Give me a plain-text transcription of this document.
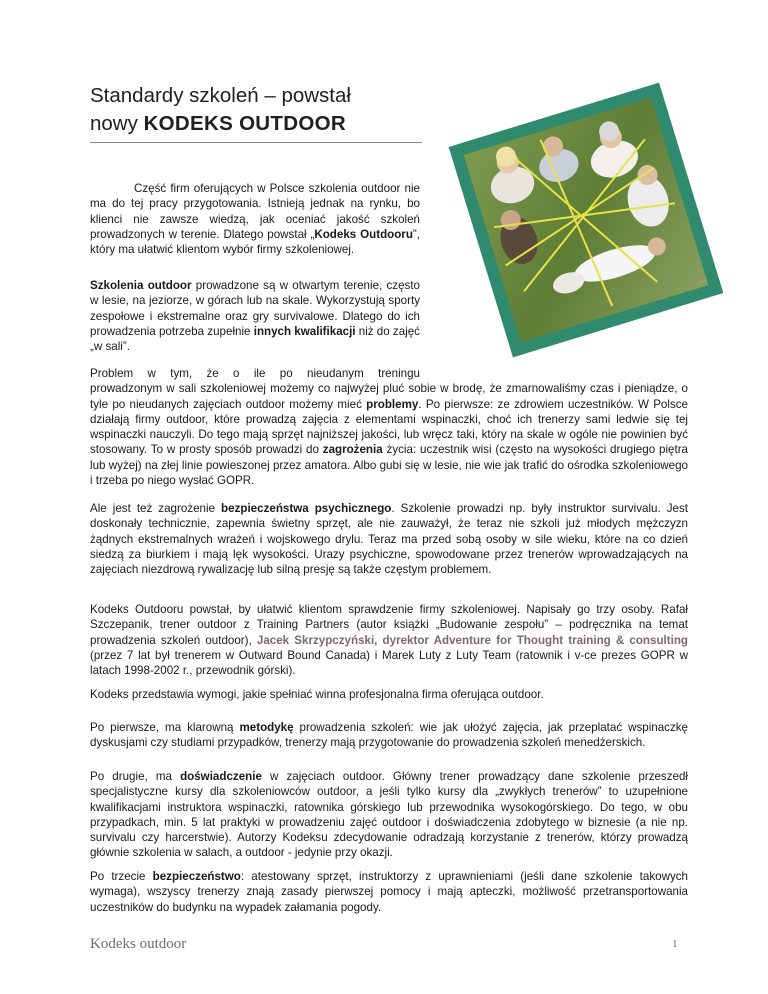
Standardy szkoleń – powstał
nowy KODEKS OUTDOOR

Część firm oferujących w Polsce szkolenia outdoor nie ma do tej pracy przygotowania. Istnieją jednak na rynku, bo klienci nie zawsze wiedzą, jak oceniać jakość szkoleń prowadzonych w terenie. Dlatego powstał „Kodeks Outdooru”, który ma ułatwić klientom wybór firmy szkoleniowej.

Szkolenia outdoor prowadzone są w otwartym terenie, często w lesie, na jeziorze, w górach lub na skale. Wykorzystują sporty zespołowe i ekstremalne oraz gry survivalowe. Dlatego do ich prowadzenia potrzeba zupełnie innych kwalifikacji niż do zajęć „w sali”.

Problem w tym, że o ile po nieudanym treningu
prowadzonym w sali szkoleniowej możemy co najwyżej pluć sobie w brodę, że zmarnowaliśmy czas i pieniądze, o tyle po nieudanych zajęciach outdoor możemy mieć problemy. Po pierwsze: ze zdrowiem uczestników. W Polsce działają firmy outdoor, które prowadzą zajęcia z elementami wspinaczki, choć ich trenerzy sami ledwie się tej wspinaczki nauczyli. Do tego mają sprzęt najniższej jakości, lub wręcz taki, który na skale w ogóle nie powinien być stosowany. To w prosty sposób prowadzi do zagrożenia życia: uczestnik wisi (często na wysokości drugiego piętra lub wyżej) na złej linie powieszonej przez amatora. Albo gubi się w lesie, nie wie jak trafić do ośrodka szkoleniowego i trzeba po niego wysłać GOPR.

Ale jest też zagrożenie bezpieczeństwa psychicznego. Szkolenie prowadzi np. były instruktor survivalu. Jest doskonały technicznie, zapewnia świetny sprzęt, ale nie zauważył, że teraz nie szkoli już młodych mężczyzn żądnych ekstremalnych wrażeń i wojskowego drylu. Teraz ma przed sobą osoby w sile wieku, które na co dzień siedzą za biurkiem i mają lęk wysokości. Urazy psychiczne, spowodowane przez trenerów wprowadzających na zajęciach niezdrową rywalizację lub silną presję są także częstym problemem.

Kodeks Outdooru powstał, by ułatwić klientom sprawdzenie firmy szkoleniowej. Napisały go trzy osoby. Rafał Szczepanik, trener outdoor z Training Partners (autor książki „Budowanie zespołu” – podręcznika na temat prowadzenia szkoleń outdoor), Jacek Skrzypczyński, dyrektor Adventure for Thought training & consulting (przez 7 lat był trenerem w Outward Bound Canada) i Marek Luty z Luty Team (ratownik i v-ce prezes GOPR w latach 1998-2002 r., przewodnik górski).

Kodeks przedstawia wymogi, jakie spełniać winna profesjonalna firma oferująca outdoor.

Po pierwsze, ma klarowną metodykę prowadzenia szkoleń: wie jak ułożyć zajęcia, jak przeplatać wspinaczkę dyskusjami czy studiami przypadków, trenerzy mają przygotowanie do prowadzenia szkoleń menedżerskich.

Po drugie, ma doświadczenie w zajęciach outdoor. Główny trener prowadzący dane szkolenie przeszedł specjalistyczne kursy dla szkoleniowców outdoor, a jeśli tylko kursy dla „zwykłych trenerów” to uzupełnione kwalifikacjami instruktora wspinaczki, ratownika górskiego lub przewodnika wysokogórskiego. Do tego, w obu przypadkach, min. 5 lat praktyki w prowadzeniu zajęć outdoor i doświadczenia zdobytego w biznesie (a nie np. survivalu czy harcerstwie). Autorzy Kodeksu zdecydowanie odradzają korzystanie z trenerów, którzy prowadzą głównie szkolenia w salach, a outdoor - jedynie przy okazji.

Po trzecie bezpieczeństwo: atestowany sprzęt, instruktorzy z uprawnieniami (jeśli dane szkolenie takowych wymaga), wszyscy trenerzy znają zasady pierwszej pomocy i mają apteczki, możliwość przetransportowania uczestników do budynku na wypadek załamania pogody.

Kodeks outdoor	1
